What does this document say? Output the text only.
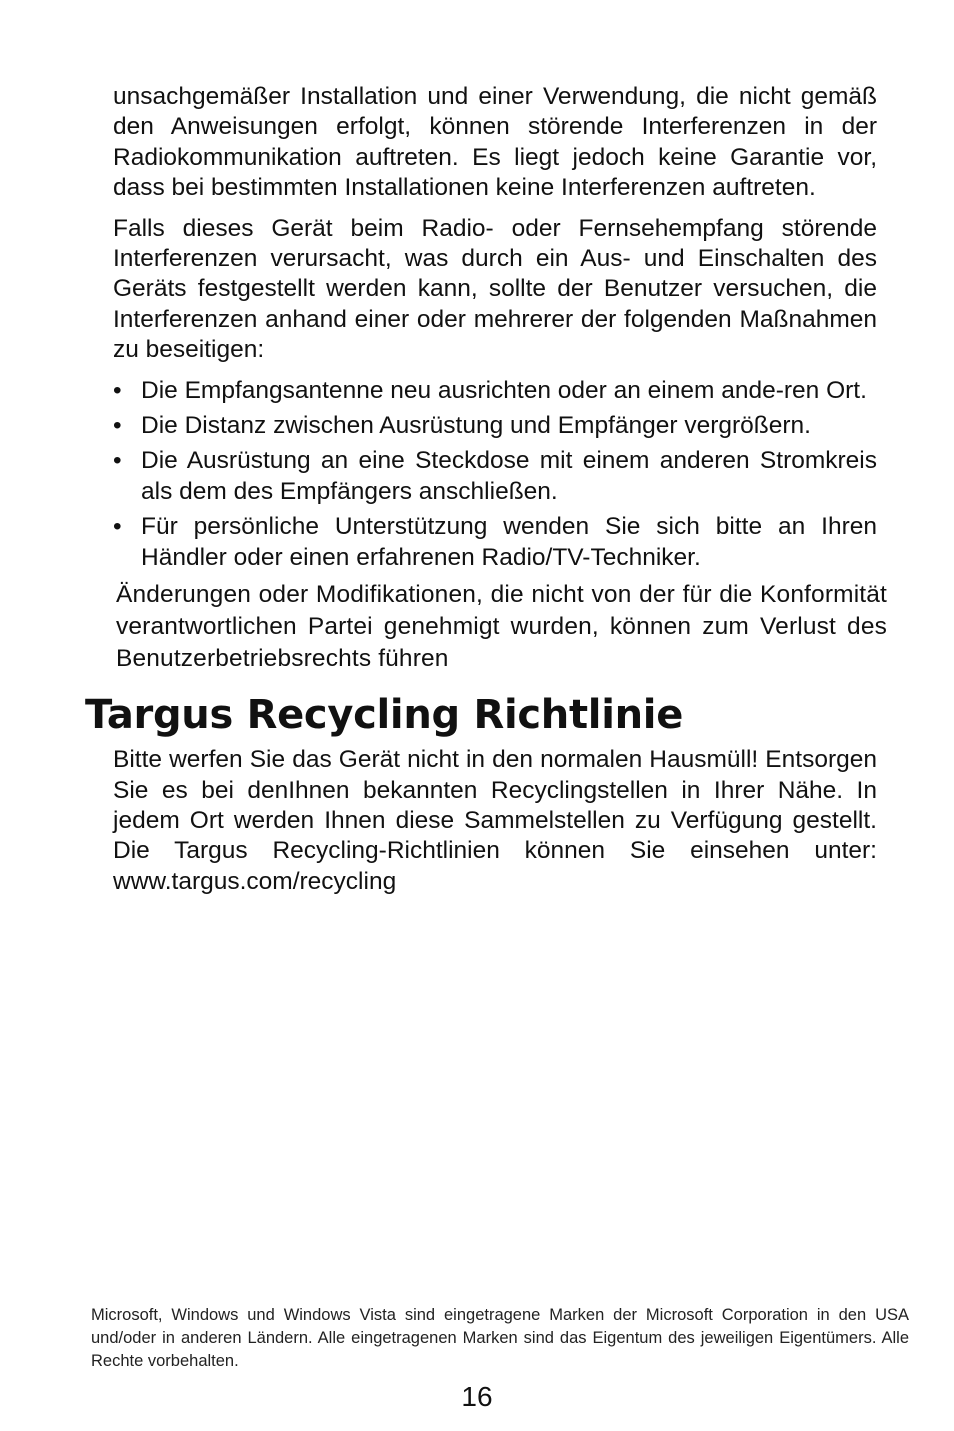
unsachgemäßer Installation und einer Verwendung, die nicht gemäß den Anweisungen erfolgt, können störende Interferenzen in der Radiokommunikation auftreten. Es liegt jedoch keine Garantie vor, dass bei bestimmten Installationen keine Interferenzen auftreten.

Falls dieses Gerät beim Radio- oder Fernsehempfang störende Interferenzen verursacht, was durch ein Aus- und Einschalten des Geräts festgestellt werden kann, sollte der Benutzer versuchen, die Interferenzen anhand einer oder mehrerer der folgenden Maßnahmen zu beseitigen:

• Die Empfangsantenne neu ausrichten oder an einem ande-ren Ort.
• Die Distanz zwischen Ausrüstung und Empfänger vergrößern.
• Die Ausrüstung an eine Steckdose mit einem anderen Stromkreis als dem des Empfängers anschließen.
• Für persönliche Unterstützung wenden Sie sich bitte an Ihren Händler oder einen erfahrenen Radio/TV-Techniker.

Änderungen oder Modifikationen, die nicht von der für die Konformität verantwortlichen Partei genehmigt wurden, können zum Verlust des Benutzerbetriebsrechts führen

Targus Recycling Richtlinie

Bitte werfen Sie das Gerät nicht in den normalen Hausmüll! Entsorgen Sie es bei denIhnen bekannten Recyclingstellen in Ihrer Nähe. In jedem Ort werden Ihnen diese Sammelstellen zu Verfügung gestellt. Die Targus Recycling-Richtlinien können Sie einsehen unter: www.targus.com/recycling

Microsoft, Windows und Windows Vista sind eingetragene Marken der Microsoft Corporation in den USA und/oder in anderen Ländern. Alle eingetragenen Marken sind das Eigentum des jeweiligen Eigentümers. Alle Rechte vorbehalten.
16
